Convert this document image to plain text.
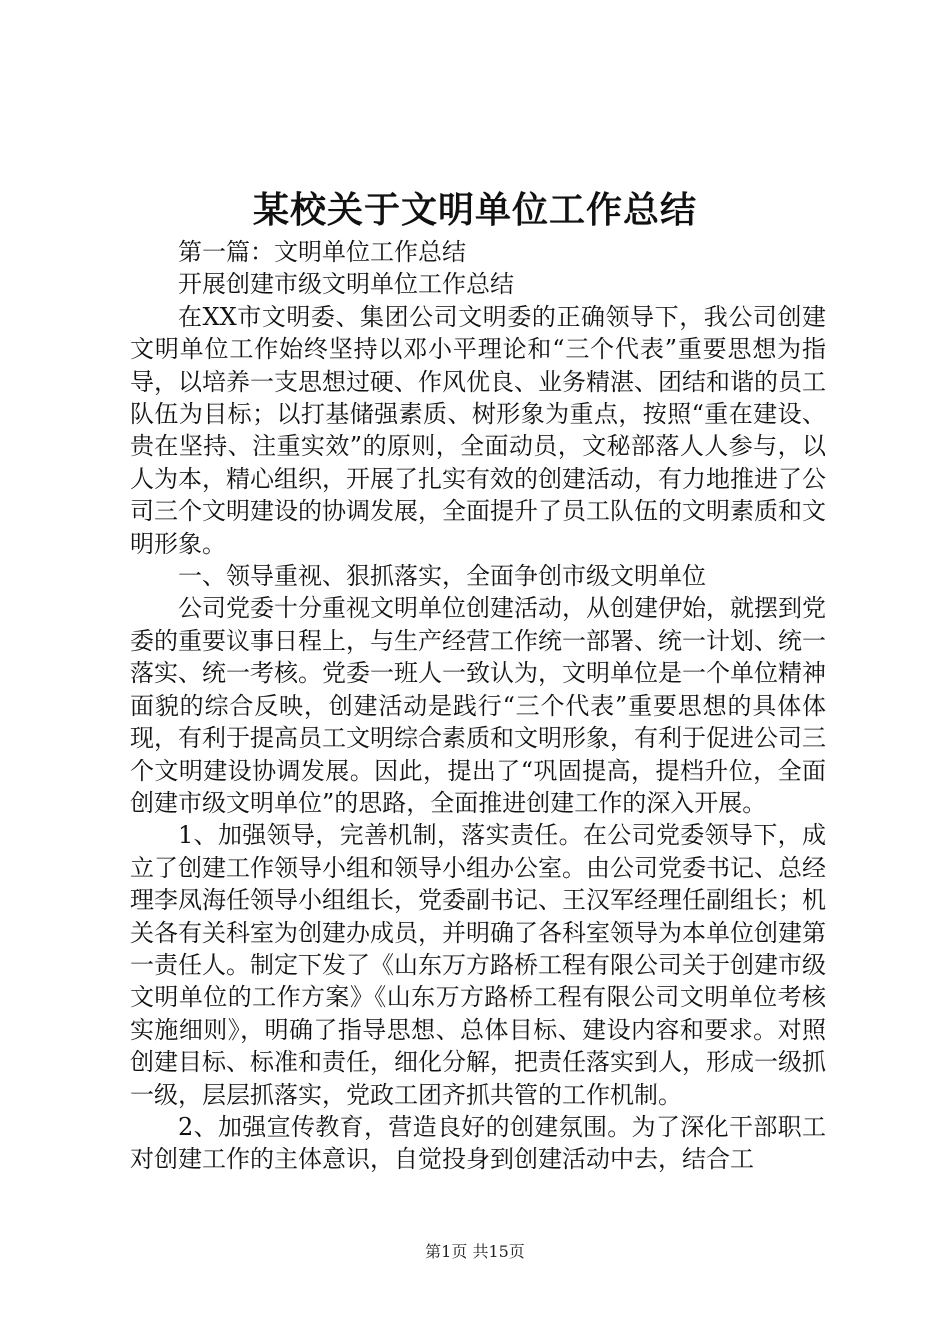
某校关于文明单位工作总结

第一篇：文明单位工作总结

开展创建市级文明单位工作总结

在XX市文明委、集团公司文明委的正确领导下，我公司创建文明单位工作始终坚持以邓小平理论和“三个代表”重要思想为指导，以培养一支思想过硬、作风优良、业务精湛、团结和谐的员工队伍为目标；以打基储强素质、树形象为重点，按照“重在建设、贵在坚持、注重实效”的原则，全面动员，文秘部落人人参与，以人为本，精心组织，开展了扎实有效的创建活动，有力地推进了公司三个文明建设的协调发展，全面提升了员工队伍的文明素质和文明形象。

一、领导重视、狠抓落实，全面争创市级文明单位

公司党委十分重视文明单位创建活动，从创建伊始，就摆到党委的重要议事日程上，与生产经营工作统一部署、统一计划、统一落实、统一考核。党委一班人一致认为，文明单位是一个单位精神面貌的综合反映，创建活动是践行“三个代表”重要思想的具体体现，有利于提高员工文明综合素质和文明形象，有利于促进公司三个文明建设协调发展。因此，提出了“巩固提高，提档升位，全面创建市级文明单位”的思路，全面推进创建工作的深入开展。

1、加强领导，完善机制，落实责任。在公司党委领导下，成立了创建工作领导小组和领导小组办公室。由公司党委书记、总经理李凤海任领导小组组长，党委副书记、王汉军经理任副组长；机关各有关科室为创建办成员，并明确了各科室领导为本单位创建第一责任人。制定下发了《山东万方路桥工程有限公司关于创建市级文明单位的工作方案》《山东万方路桥工程有限公司文明单位考核实施细则》，明确了指导思想、总体目标、建设内容和要求。对照创建目标、标准和责任，细化分解，把责任落实到人，形成一级抓一级，层层抓落实，党政工团齐抓共管的工作机制。

2、加强宣传教育，营造良好的创建氛围。为了深化干部职工对创建工作的主体意识，自觉投身到创建活动中去，结合工

第1页 共15页
